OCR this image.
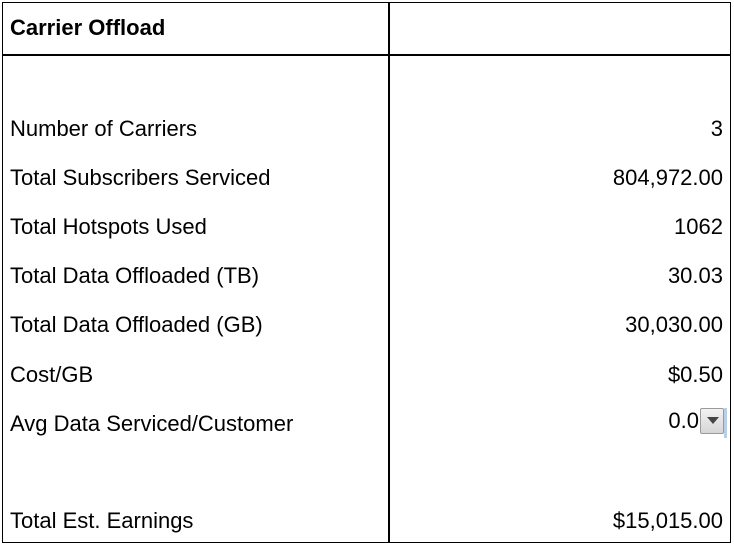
Carrier Offload
Number of Carriers	3
Total Subscribers Serviced	804,972.00
Total Hotspots Used	1062
Total Data Offloaded (TB)	30.03
Total Data Offloaded (GB)	30,030.00
Cost/GB	$0.50
Avg Data Serviced/Customer	0.0
Total Est. Earnings	$15,015.00
